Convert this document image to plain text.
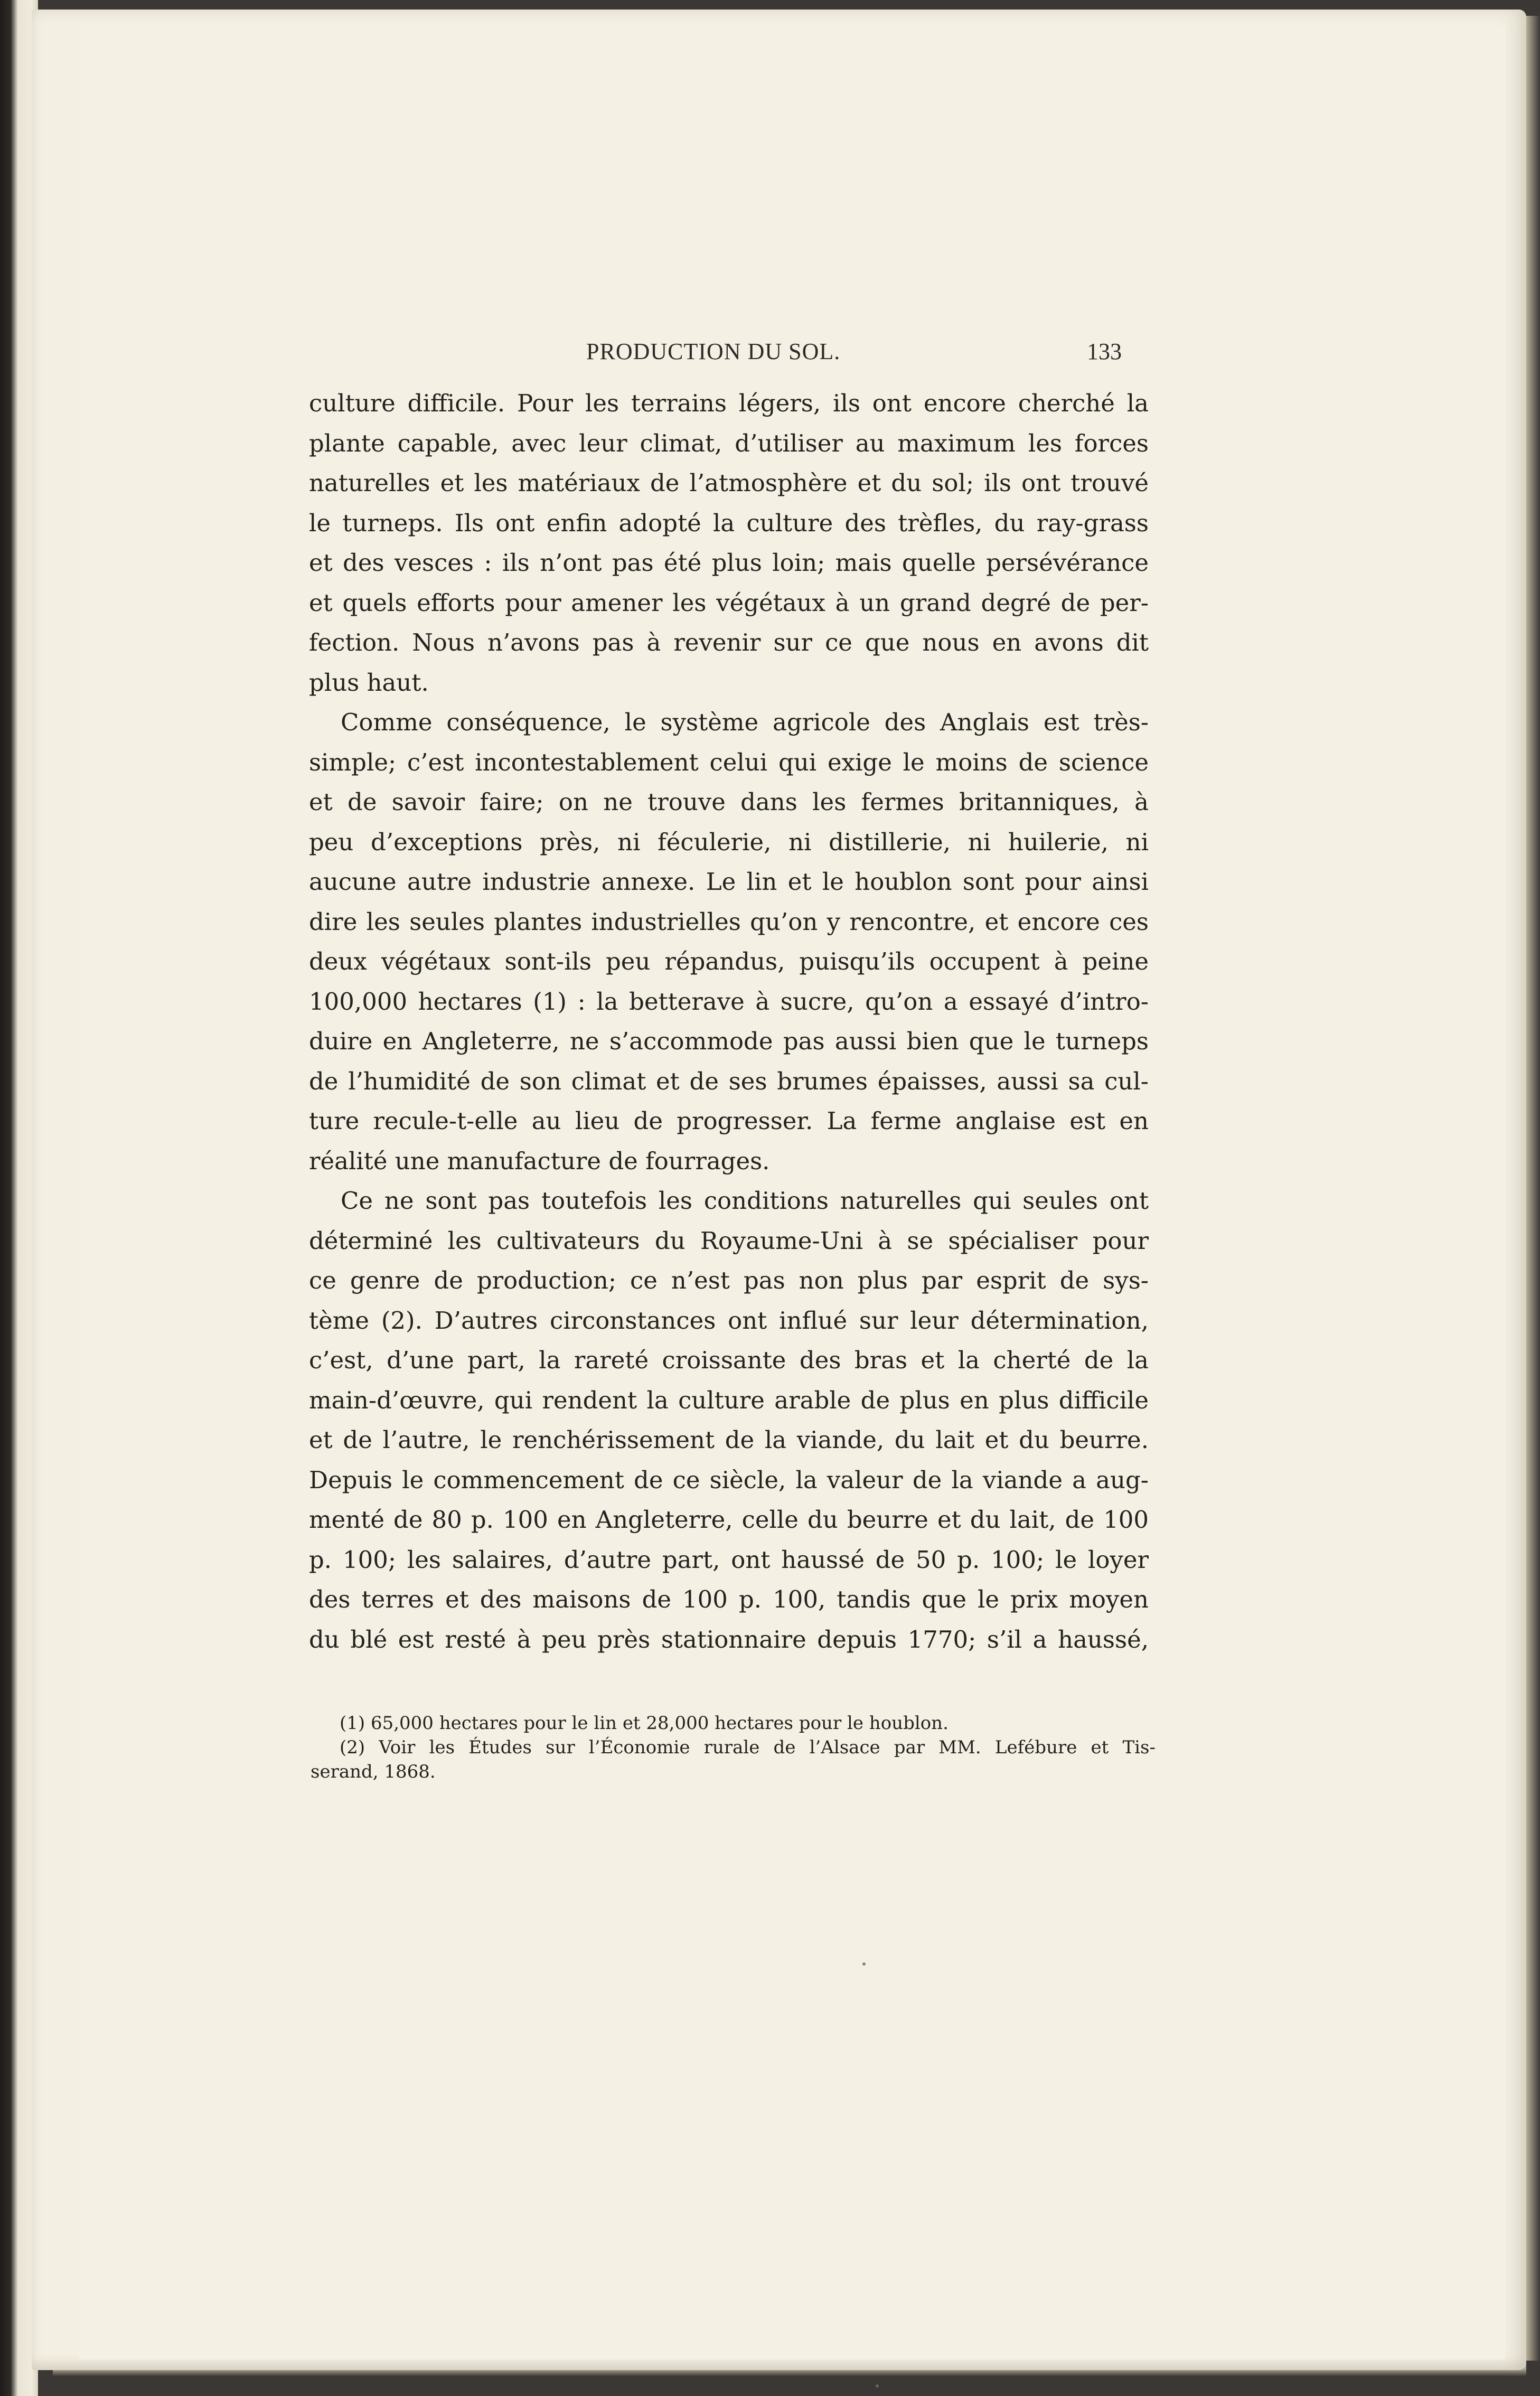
PRODUCTION DU SOL.	133
culture difficile. Pour les terrains légers, ils ont encore cherché la
plante capable, avec leur climat, d’utiliser au maximum les forces
naturelles et les matériaux de l’atmosphère et du sol; ils ont trouvé
le turneps. Ils ont enfin adopté la culture des trèfles, du ray-grass
et des vesces : ils n’ont pas été plus loin; mais quelle persévérance
et quels efforts pour amener les végétaux à un grand degré de per-
fection. Nous n’avons pas à revenir sur ce que nous en avons dit
plus haut.
Comme conséquence, le système agricole des Anglais est très-
simple; c’est incontestablement celui qui exige le moins de science
et de savoir faire; on ne trouve dans les fermes britanniques, à
peu d’exceptions près, ni féculerie, ni distillerie, ni huilerie, ni
aucune autre industrie annexe. Le lin et le houblon sont pour ainsi
dire les seules plantes industrielles qu’on y rencontre, et encore ces
deux végétaux sont-ils peu répandus, puisqu’ils occupent à peine
100,000 hectares (1) : la betterave à sucre, qu’on a essayé d’intro-
duire en Angleterre, ne s’accommode pas aussi bien que le turneps
de l’humidité de son climat et de ses brumes épaisses, aussi sa cul-
ture recule-t-elle au lieu de progresser. La ferme anglaise est en
réalité une manufacture de fourrages.
Ce ne sont pas toutefois les conditions naturelles qui seules ont
déterminé les cultivateurs du Royaume-Uni à se spécialiser pour
ce genre de production; ce n’est pas non plus par esprit de sys-
tème (2). D’autres circonstances ont influé sur leur détermination,
c’est, d’une part, la rareté croissante des bras et la cherté de la
main-d’œuvre, qui rendent la culture arable de plus en plus difficile
et de l’autre, le renchérissement de la viande, du lait et du beurre.
Depuis le commencement de ce siècle, la valeur de la viande a aug-
menté de 80 p. 100 en Angleterre, celle du beurre et du lait, de 100
p. 100; les salaires, d’autre part, ont haussé de 50 p. 100; le loyer
des terres et des maisons de 100 p. 100, tandis que le prix moyen
du blé est resté à peu près stationnaire depuis 1770; s’il a haussé,
(1) 65,000 hectares pour le lin et 28,000 hectares pour le houblon.
(2) Voir les Études sur l’Économie rurale de l’Alsace par MM. Lefébure et Tis-
serand, 1868.
